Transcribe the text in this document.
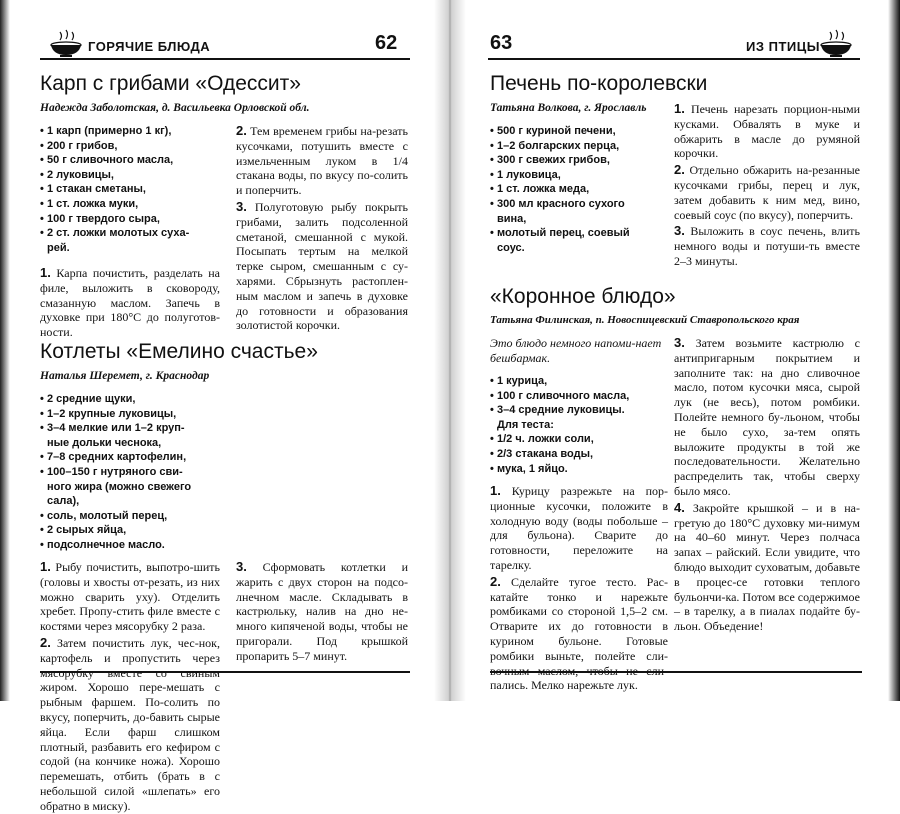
ГОРЯЧИЕ БЛЮДА	62
Карп с грибами «Одессит»
Надежда Заболотская, д. Васильевка Орловской обл.
• 1 карп (примерно 1 кг),
• 200 г грибов,
• 50 г сливочного масла,
• 2 луковицы,
• 1 стакан сметаны,
• 1 ст. ложка муки,
• 100 г твердого сыра,
• 2 ст. ложки молотых суха-
рей.

1. Карпа почистить, разделать на филе, выложить в сковороду, смазанную маслом. Запечь в духовке при 180°С до полуготов-ности.

2. Тем временем грибы на-резать кусочками, потушить вместе с измельченным луком в 1/4 стакана воды, по вкусу по-солить и поперчить.

3. Полуготовую рыбу покрыть грибами, залить подсоленной сметаной, смешанной с мукой. Посыпать тертым на мелкой терке сыром, смешанным с су-харями. Сбрызнуть растоплен-ным маслом и запечь в духовке до готовности и образования золотистой корочки.

Котлеты «Емелино счастье»
Наталья Шеремет, г. Краснодар
• 2 средние щуки,
• 1–2 крупные луковицы,
• 3–4 мелкие или 1–2 круп-
ные дольки чеснока,
• 7–8 средних картофелин,
• 100–150 г нутряного сви-
ного жира (можно свежего
сала),
• соль, молотый перец,
• 2 сырых яйца,
• подсолнечное масло.

1. Рыбу почистить, выпотро-шить (головы и хвосты от-резать, из них можно сварить уху). Отделить хребет. Пропу-стить филе вместе с костями через мясорубку 2 раза.

2. Затем почистить лук, чес-нок, картофель и пропустить через жиром. Хорошо пере-мешать с рыбным фаршем. По-солить по вкусу, поперчить, до-бавить сырые яйца. Если фарш слишком плотный, разбавить его кефиром с содой (на кончике ножа). Хорошо перемешать, отбить (брать в с небольшой силой «шлепать» его обратно в миску).

3. Сформовать котлетки и жарить с двух сторон на подсо-лнечном масле. Складывать в кастрюльку, налив на дно не-много кипяченой воды, чтобы не пригорали. Под крышкой пропарить 5–7 минут.

63	ИЗ ПТИЦЫ
Печень по-королевски
Татьяна Волкова, г. Ярославль
• 500 г куриной печени,
• 1–2 болгарских перца,
• 300 г свежих грибов,
• 1 луковица,
• 1 ст. ложка меда,
• 300 мл красного сухого
вина,
• молотый перец, соевый
соус.

1. Печень нарезать порцион-ными кусками. Обвалять в муке и обжарить в масле до румяной корочки.

2. Отдельно обжарить на-резанные кусочками грибы, перец и лук, затем добавить к ним мед, вино, соевый соус (по вкусу), поперчить.

3. Выложить в соус печень, влить немного воды и потуши-ть вместе 2–3 минуты.

«Коронное блюдо»
Татьяна Филинская, п. Новоспицевский Ставропольского края
Это блюдо немного напоми-нает бешбармак.
• 1 курица,
• 100 г сливочного масла,
• 3–4 средние луковицы.
Для теста:
• 1/2 ч. ложки соли,
• 2/3 стакана воды,
• мука, 1 яйцо.

1. Курицу разрежьте на пор-ционные кусочки, положите в холодную воду (воды побольше – для бульона). Сварите до готовности, переложите на тарелку.

2. Сделайте тугое тесто. Рас-катайте тонко и нарежьте ромбиками со стороной 1,5–2 см. Отварите их до готовности в курином бульоне. Готовые ромбики выньте, полейте сли- пались. Мелко нарежьте лук.

3. Затем возьмите кастрюлю с антипригарным покрытием и заполните так: на дно сливочное масло, потом кусочки мяса, сырой лук (не весь), потом ромбики. Полейте немного бу-льоном, чтобы не было сухо, за-тем опять выложите продукты в той же последовательности. Желательно распределить так, чтобы сверху было мясо.

4. Закройте крышкой – и в на-гретую до 180°С духовку ми-нимум на 40–60 минут. Через полчаса запах – райский. Если увидите, что блюдо выходит суховатым, добавьте в процес-се готовки теплого бульончи-ка. Потом все содержимое – в тарелку, а в пиалах подайте бу-льон. Объедение!
